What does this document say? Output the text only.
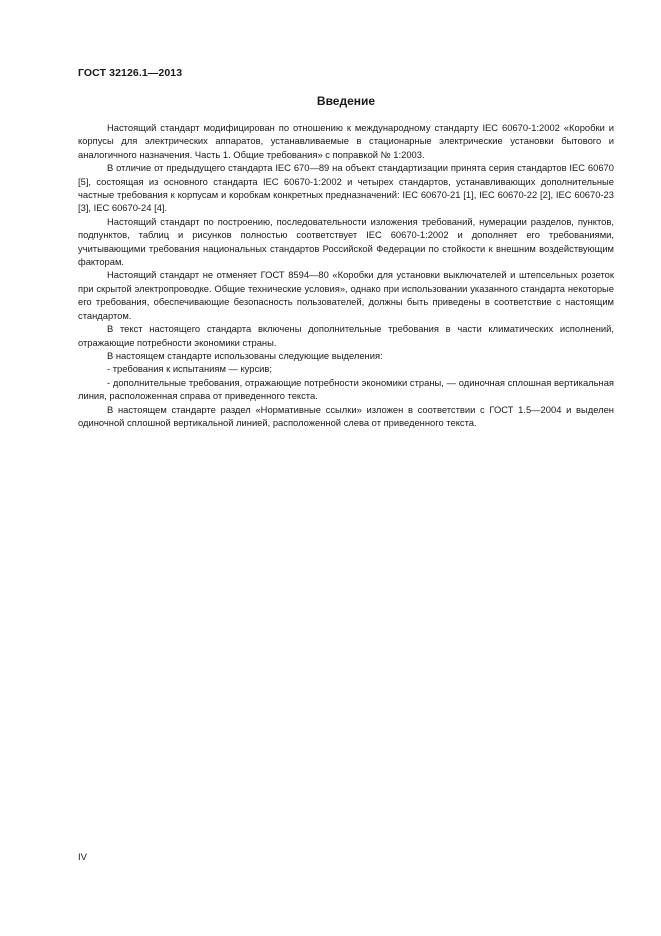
ГОСТ 32126.1—2013
Введение

Настоящий стандарт модифицирован по отношению к международному стандарту IEC 60670-1:2002 «Коробки и корпусы для электрических аппаратов, устанавливаемые в стационарные электрические установки бытового и аналогичного назначения. Часть 1. Общие требования» с поправкой № 1:2003.

В отличие от предыдущего стандарта IEC 670—89 на объект стандартизации принята серия стандартов IEC 60670 [5], состоящая из основного стандарта IEC 60670-1:2002 и четырех стандартов, устанавливающих дополнительные частные требования к корпусам и коробкам конкретных предназначений: IEC 60670-21 [1], IEC 60670-22 [2], IEC 60670-23 [3], IEC 60670-24 [4].

Настоящий стандарт по построению, последовательности изложения требований, нумерации разделов, пунктов, подпунктов, таблиц и рисунков полностью соответствует IEC 60670-1:2002 и дополняет его требованиями, учитывающими требования национальных стандартов Российской Федерации по стойкости к внешним воздействующим факторам.

Настоящий стандарт не отменяет ГОСТ 8594—80 «Коробки для установки выключателей и штепсельных розеток при скрытой электропроводке. Общие технические условия», однако при использовании указанного стандарта некоторые его требования, обеспечивающие безопасность пользователей, должны быть приведены в соответствие с настоящим стандартом.

В текст настоящего стандарта включены дополнительные требования в части климатических исполнений, отражающие потребности экономики страны.

В настоящем стандарте использованы следующие выделения:

- требования к испытаниям — курсив;

- дополнительные требования, отражающие потребности экономики страны, — одиночная сплошная вертикальная линия, расположенная справа от приведенного текста.

В настоящем стандарте раздел «Нормативные ссылки» изложен в соответствии с ГОСТ 1.5—2004 и выделен одиночной сплошной вертикальной линией, расположенной слева от приведенного текста.

IV
